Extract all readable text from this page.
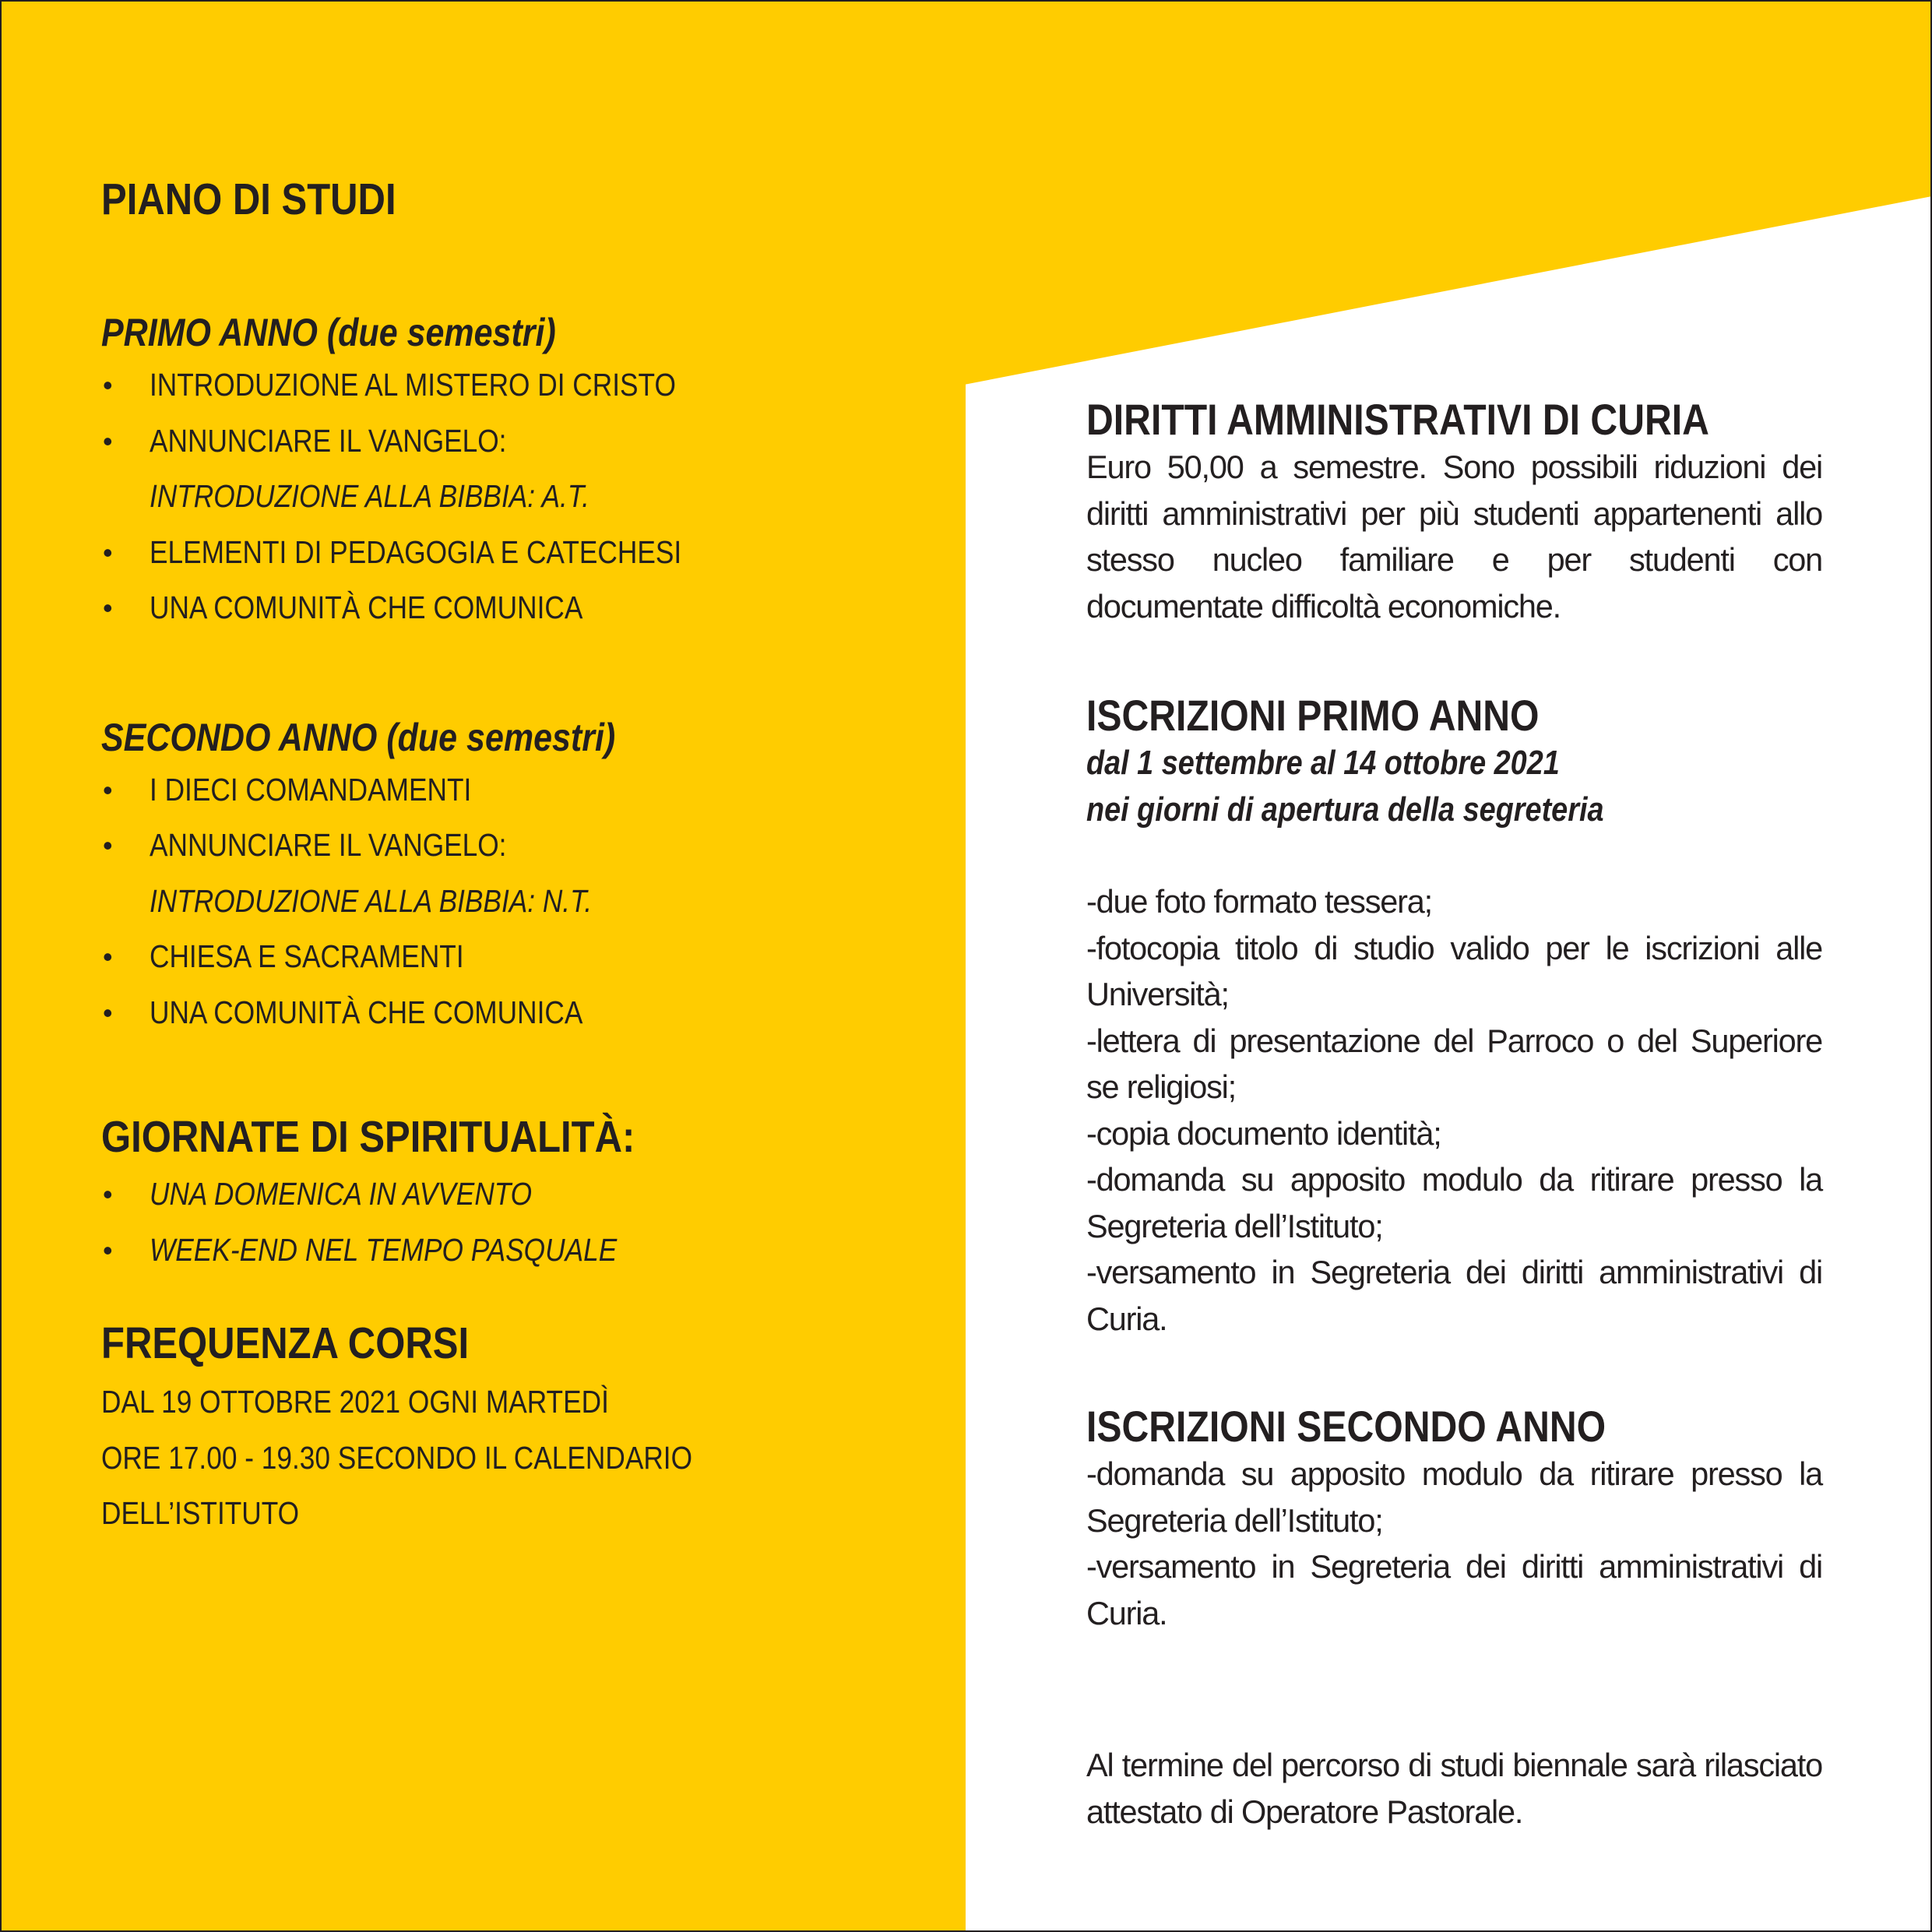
PIANO DI STUDI

PRIMO ANNO (due semestri)

• INTRODUZIONE AL MISTERO DI CRISTO
• ANNUNCIARE IL VANGELO:
INTRODUZIONE ALLA BIBBIA: A.T.
• ELEMENTI DI PEDAGOGIA E CATECHESI
• UNA COMUNITÀ CHE COMUNICA

SECONDO ANNO (due semestri)

• I DIECI COMANDAMENTI
• ANNUNCIARE IL VANGELO:
INTRODUZIONE ALLA BIBBIA: N.T.
• CHIESA E SACRAMENTI
• UNA COMUNITÀ CHE COMUNICA
GIORNATE DI SPIRITUALITÀ:
• UNA DOMENICA IN AVVENTO
• WEEK-END NEL TEMPO PASQUALE
FREQUENZA CORSI

DAL 19 OTTOBRE 2021 OGNI MARTEDÌ

ORE 17.00 - 19.30 SECONDO IL CALENDARIO

DELL’ISTITUTO

DIRITTI AMMINISTRATIVI DI CURIA

Euro 50,00 a semestre. Sono possibili riduzioni dei diritti amministrativi per più studenti appartenenti allo stesso nucleo familiare e per studenti con documentate difficoltà economiche.

ISCRIZIONI PRIMO ANNO

dal 1 settembre al 14 ottobre 2021

nei giorni di apertura della segreteria

-due foto formato tessera;

-fotocopia titolo di studio valido per le iscrizioni alle Università;

-lettera di presentazione del Parroco o del Superiore se religiosi;

-copia documento identità;

-domanda su apposito modulo da ritirare presso la Segreteria dell’Istituto;

-versamento in Segreteria dei diritti amministrativi di Curia.

ISCRIZIONI SECONDO ANNO

-domanda su apposito modulo da ritirare presso la Segreteria dell’Istituto;

-versamento in Segreteria dei diritti amministrativi di Curia.

Al termine del percorso di studi biennale sarà rilasciato attestato di Operatore Pastorale.
